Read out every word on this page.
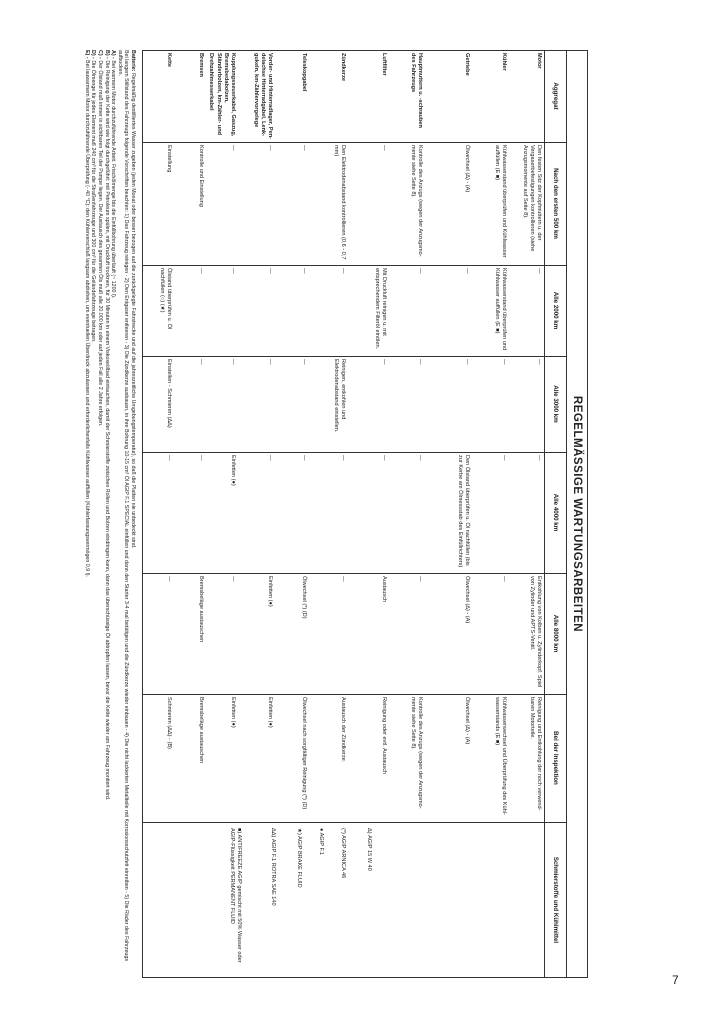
REGELMÄSSIGE WARTUNGSARBEITEN
Aggregat
Nach den ersten 500 km
Alle 2000 km
Alle 3000 km
Alle 4000 km
Alle 8000 km
Bei der Inspektion
Schmierstoffe und Kühlmittel
Motor
Den festen Sitz der Kopfmuttern u. der Vergaserbefestigungen kontrollieren (siehe Anzugsmomente auf Seite 8).
—
—
—
Entkohlung von Kolben u. Zylinderkopf. Spiel von Zylinder und APTS-Ventil.
Reinigung und Entkohlung der noch verwendbaren Motorteile.
Kühler
Kühlwasserstand überprüfen und Kühlwasser auffüllen (E ■)
Kühlwasserstand überprüfen und Kühlwasser auffüllen (E ■)
—
—
—
Kühlwasserwechsel und Überprüfung des Kühlwasserstands (E ■)
Getriebe
Ölwechsel (Δ) - (A)
—
—
Den Ölstand überprüfen u. Öl nachfüllen (bis zur Kerbe am Ölmessstab des Einfüllrichters)
Ölwechsel (Δ) - (A)
Ölwechsel (Δ) - (A)
Hauptmuttern u. -schrauben des Fahrzeugs
Kontrolle des Anzugs (wegen der Anzugsmomente siehe Seite 8).
—
—
—
—
Kontrolle des Anzugs (wegen der Anzugsmomente siehe Seite 8).
Luftfilter
—
Mit Druckluft reinigen u. mit entsprechendem Filteröl einölen.
—
—
Austausch
Reinigung oder evtl. Austausch
Zündkerze
Den Elektrodenabstand kontrollieren (0,6 - 0,7 mm)
—
Reinigen, entkohlen und Elektrodenabstand einstellen.
—
—
Austausch der Zündkerze.
Teleskopgabel
—
—
—
—
Ölwechsel (*) (D)
Ölwechsel nach sorgfältiger Reinigung (*) (D)
Vorder- und Hinterradlager, Pendelachse Hinterradgabel, Lenkgukeln, km-Zählervorgelege
—
—
—
—
Einfetten (●)
Einfetten (●)
Kupplungsseuerkabel, Gaszug, Bremsbedabolzen, Ständerbolzen, km-Zähler- und Drehzahlmesserkabel
—
—
—
Einfetten (●)
—
Einfetten (●)
Bremsen
Kontrolle und Einstellung
—
—
—
Bremsbeläge austauschen
Bremsbeläge austauschen
Kette
Einstellung
Ölstand überprüfen u. Öl nachfüllen (○) (★)
Einstellen - Schmieren (ΔΔ)
—
—
Schmieren (ΔΔ) - (B)
Δ) AGIP 15 W 40
(*) AGIP ARNICA 46
● AGIP F.1
★) AGIP BRAKE FLUID
ΔΔ) AGIP F.1 ROTRA SAE 140
■) ANTIFREEZE AGIP gemischt mit 50% Wasser oder AGIP-Flüssigkeit PERMANENT FLUID
Batterie: Regelmäßig destilliertes Wasser zugeben (jeden Monat oder besser bezogen auf die zurückgelegte Fahrstrecke und auf die jahreszeitliche Umgebungstemperatur), so daß die Platten nie unbedeckt sind.
Bei langem Stillstand des Fahrzeugs folgende Vorschriften beachten: 1) Das Fahrzeug reinigen - 2) Den Entgaser entleeren - 3) Die Zündkerze ausbauen, in ihre Bohrung 10-15 cm³ Öl AGIP F.1 SPECIAL einfüllen und dann den Starter 3-4 mal betätigen und die Zündkerze wieder einbauen - 4) Die nicht lackierten Metallteile mit Korrosionsschutzfett einreiben - 5) Die Räder des Fahrzeugs aufbocken.
A) - Bei warmem Motor durchzuführende Arbeit. Frischölmenge bis die Einfüllbohrung überläuft (~ 1200 l).
B) - Die Reinigung der Kette wird wie folgt durchgeführt: mit Petroleum spülen, mit Druckluft trocknen, für 30 Minuten in einem Viskoseölbad eintauchen, damit der Schmierstoffe zwischen Rollen und Bolzen eindringen kann, dann das überschüssige Öl abtropfen lassen, bevor die Kette wieder am Fahrzeug montiert wird.
C) - Der Ölstand muß immer in sichtbaren Teil der Pumpe liegen. Der Austausch des gesamten Öls muß alle 20.000 km oder auf jeden Fall alle 2 Jahre erfolgen.
D) - Die Ölmenge für jedes Element muß 240 cm³ für die Straßenfahrzeuge und 300 cm³ für die Geländefahrzeuge betragen.
E) - Bei lauwarmem Motor durchzuführende Überprüfung (- 40 °C): den Kühlerverschluß langsam abdrehen, um eventuellen Überdruck abzulassen und erforderlichenfalls Kühlwasser auffüllen (Kühlerfassungsvermögen 0,9 l).
7
